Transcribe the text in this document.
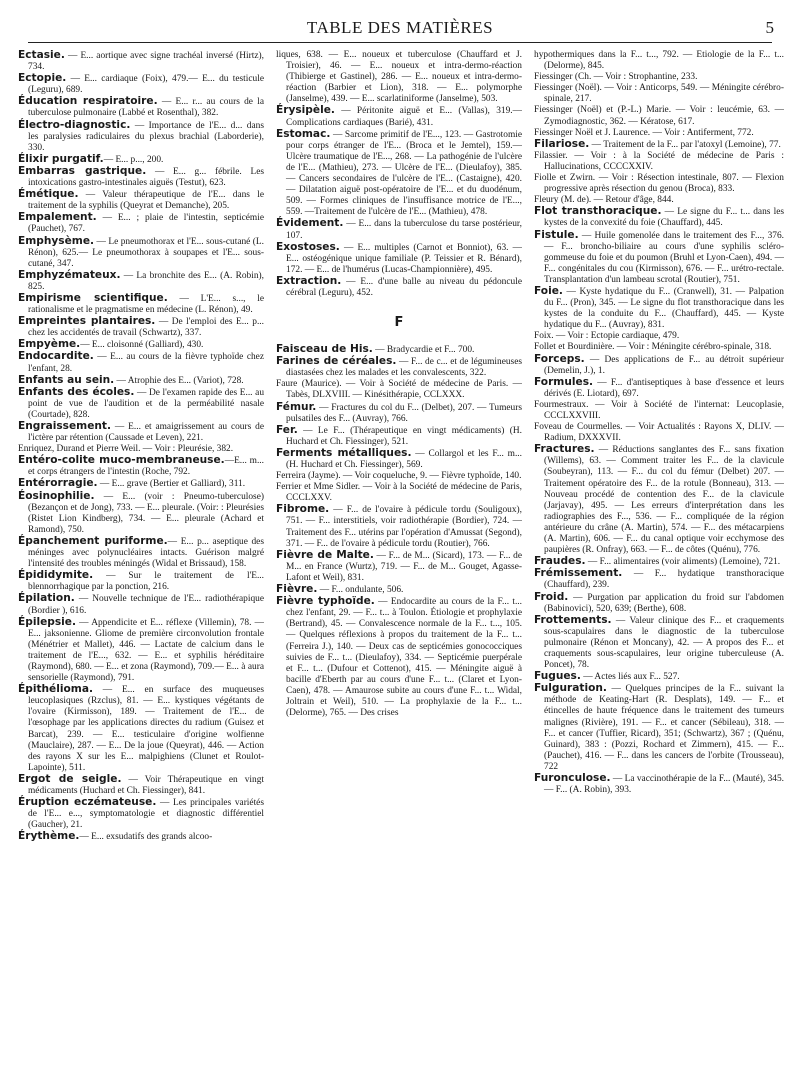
TABLE DES MATIÈRES	5

Ectasie. — E... aortique avec signe trachéal inversé (Hirtz), 734.

Ectopie. — E... cardiaque (Foix), 479.— E... du testicule (Leguru), 689.

Éducation respiratoire. — E... r... au cours de la tuberculose pulmonaire (Labbé et Rosenthal), 382.

Électro-diagnostic. — Importance de l'E... d... dans les paralysies radiculaires du plexus brachial (Laborderie), 330.

Élixir purgatif.— E... p..., 200.

Embarras gastrique. — E... g... fébrile. Les intoxications gastro-intestinales aiguës (Testut), 623.

Émétique. — Valeur thérapeutique de l'E... dans le traitement de la syphilis (Queyrat et Demanche), 205.

Empalement. — E... ; plaie de l'intestin, septicémie (Pauchet), 767.

Emphysème. — Le pneumothorax et l'E... sous-cutané (L. Rénon), 625.— Le pneumothorax à soupapes et l'E... sous-cutané, 347.

Emphyzémateux. — La bronchite des E... (A. Robin), 825.

Empirisme scientifique. — L'E... s..., le rationalisme et le pragmatisme en médecine (L. Rénon), 49.

Empreintes plantaires. — De l'emploi des E... p... chez les accidentés de travail (Schwartz), 337.

Empyème.— E... cloisonné (Galliard), 430.

Endocardite. — E... au cours de la fièvre typhoïde chez l'enfant, 28.

Enfants au sein. — Atrophie des E... (Variot), 728.

Enfants des écoles. — De l'examen rapide des E... au point de vue de l'audition et de la perméabilité nasale (Courtade), 828.

Engraissement. — E... et amaigrissement au cours de l'ictère par rétention (Caussade et Leven), 221.

Enriquez, Durand et Pierre Weil. — Voir : Pleurésie, 382.

Entéro-colite muco-membraneuse.—E... m... et corps étrangers de l'intestin (Roche, 792.

Entérorragie. — E... grave (Bertier et Galliard), 311.

Éosinophilie. — E... (voir : Pneumo-tuberculose) (Bezançon et de Jong), 733. — E... pleurale. (Voir: : Pleurésies (Ristet Lion Kindberg), 734. — E... pleurale (Achard et Ramond), 750.

Épanchement puriforme.— E... p... aseptique des méninges avec polynucléaires intacts. Guérison malgré l'intensité des troubles méningés (Widal et Brissaud), 158.

Épididymite. — Sur le traitement de l'E... blennorrhagique par la ponction, 216.

Épilation. — Nouvelle technique de l'E... radiothérapique (Bordier ), 616.

Épilepsie. — Appendicite et E... réflexe (Villemin), 78. — E... jaksonienne. Gliome de première circonvolution frontale (Ménétrier et Mallet), 446. — Lactate de calcium dans le traitement de l'E..., 632. — E... et syphilis héréditaire (Raymond), 680. — E... et zona (Raymond), 709.— E... à aura sensorielle (Raymond), 791.

Épithélioma. — E... en surface des muqueuses leucoplasiques (Rzclus), 81. — E... kystiques végétants de l'ovaire (Kirmisson), 189. — Traitement de l'E... de l'œsophage par les applications directes du radium (Guisez et Barcat), 239. — E... testiculaire d'origine wolfienne (Mauclaire), 287. — E... De la joue (Queyrat), 446. — Action des rayons X sur les E... malpighiens (Clunet et Roulot-Lapointe), 511.

Ergot de seigle. — Voir Thérapeutique en vingt médicaments (Huchard et Ch. Fiessinger), 841.

Éruption eczémateuse. — Les principales variétés de l'E... e..., symptomatologie et diagnostic différentiel (Gaucher), 21.

Érythème.— E... exsudatifs des grands alcoo-

liques, 638. — E... noueux et tuberculose (Chauffard et J. Troisier), 46. — E... noueux et intra-dermo-réaction (Thibierge et Gastinel), 286. — E... noueux et intra-dermo-réaction (Barbier et Lion), 318. — E... polymorphe (Janselme), 439. — E... scarlatiniforme (Janselme), 503.

Érysipèle. — Péritonite aiguë et E... (Vallas), 319.— Complications cardiaques (Barié), 431.

Estomac. — Sarcome primitif de l'E..., 123. — Gastrotomie pour corps étranger de l'E... (Broca et le Jemtel), 159.— Ulcère traumatique de l'E..., 268. — La pathogénie de l'ulcère de l'E... (Mathieu), 273. — Ulcère de l'E... (Dieulafoy), 385. — Cancers secondaires de l'ulcère de l'E... (Castaigne), 420. — Dilatation aiguë post-opératoire de l'E... et du duodénum, 509. — Formes cliniques de l'insuffisance motrice de l'E..., 559. —Traitement de l'ulcère de l'E... (Mathieu), 478.

Évidement. — E... dans la tuberculose du tarse postérieur, 107.

Exostoses. — E... multiples (Carnot et Bonniot), 63. — E... ostéogénique unique familiale (P. Teissier et R. Bénard), 172. — E... de l'humérus (Lucas-Championnière), 495.

Extraction. — E... d'une balle au niveau du pédoncule cérébral (Leguru), 452.

F

Faisceau de His. — Bradycardie et F... 700.

Farines de céréales. — F... de c... et de légumineuses diastasées chez les malades et les convalescents, 322.

Faure (Maurice). — Voir à Société de médecine de Paris. — Tabès, DLXVIII. — Kinésithérapie, CCLXXX.

Fémur. — Fractures du col du F... (Delbet), 207. — Tumeurs pulsatiles des F... (Auvray), 766.

Fer. — Le F... (Thérapeutique en vingt médicaments) (H. Huchard et Ch. Fiessinger), 521.

Ferments métalliques. — Collargol et les F... m... (H. Huchard et Ch. Fiessinger), 569.

Ferreira (Jayme). — Voir coqueluche, 9. — Fièvre typhoïde, 140.

Ferrier et Mme Sidler. — Voir à la Société de médecine de Paris, CCCLXXV.

Fibrome. — F... de l'ovaire à pédicule tordu (Souligoux), 751. — F... interstitiels, voir radiothérapie (Bordier), 724. — Traitement des F... utérins par l'opération d'Amussat (Segond), 371. — F... de l'ovaire à pédicule tordu (Routier), 766.

Fièvre de Malte. — F... de M... (Sicard), 173. — F... de M... en France (Wurtz), 719. — F... de M... Gouget, Agasse-Lafont et Weil), 831.

Fièvre. — F... ondulante, 506.

Fièvre typhoïde. — Endocardite au cours de la F... t... chez l'enfant, 29. — F... t... à Toulon. Étiologie et prophylaxie (Bertrand), 45. — Convalescence normale de la F... t..., 105. — Quelques réflexions à propos du traitement de la F... t... (Ferreira J.), 140. — Deux cas de septicémies gonococciques suivies de F... t... (Dieulafoy), 334. — Septicémie puerpérale et F... t... (Dufour et Cottenot), 415. — Méningite aiguë à bacille d'Eberth par au cours d'une F... t... (Claret et Lyon-Caen), 478. — Amaurose subite au cours d'une F... t... Widal, Joltrain et Weil), 510. — La prophylaxie de la F... t... (Delorme), 765. — Des crises

hypothermiques dans la F... t..., 792. — Étiologie de la F... t... (Delorme), 845.

Fiessinger (Ch. — Voir : Strophantine, 233.

Fiessinger (Noël). — Voir : Anticorps, 549. — Méningite cérébro-spinale, 217.

Fiessinger (Noël) et (P.-L.) Marie. — Voir : leucémie, 63. — Zymodiagnostic, 362. — Kératose, 617.

Fiessinger Noël et J. Laurence. — Voir : Antiferment, 772.

Filariose. — Traitement de la F... par l'atoxyl (Lemoine), 77.

Filassier. — Voir : à la Société de médecine de Paris : Hallucinations, CCCCXXIV.

Fiolle et Zwirn. — Voir : Résection intestinale, 807. — Flexion progressive après résection du genou (Broca), 833.

Fleury (M. de). — Retour d'âge, 844.

Flot transthoracique. — Le signe du F... t... dans les kystes de la convexité du foie (Chauffard), 445.

Fistule. — Huile gomenolée dans le traitement des F..., 376. — F... broncho-biliaire au cours d'une syphilis scléro-gommeuse du foie et du poumon (Bruhl et Lyon-Caen), 494. — F... congénitales du cou (Kirmisson), 676. — F... urétro-rectale. Transplantation d'un lambeau scrotal (Routier), 751.

Foie. — Kyste hydatique du F... (Cranwell), 31. — Palpation du F... (Pron), 345. — Le signe du flot transthoracique dans les kystes de la conduite du F... (Chauffard), 445. — Kyste hydatique du F... (Auvray), 831.

Foix. — Voir : Ectopie cardiaque, 479.

Follet et Bourdinière. — Voir : Méningite cérébro-spinale, 318.

Forceps. — Des applications de F... au détroit supérieur (Demelin, J.), 1.

Formules. — F... d'antiseptiques à base d'essence et leurs dérivés (E. Liotard), 697.

Fourmestraux. — Voir à Société de l'internat: Leucoplasie, CCCLXXVIII.

Foveau de Courmelles. — Voir Actualités : Rayons X, DLIV. — Radium, DXXXVII.

Fractures. — Réductions sanglantes des F... sans fixation (Willems), 63. — Comment traiter les F... de la clavicule (Soubeyran), 113. — F... du col du fémur (Delbet) 207. — Traitement opératoire des F... de la rotule (Bonneau), 313. — Nouveau procédé de contention des F... de la clavicule (Jarjavay), 495. — Les erreurs d'interprétation dans les radiographies des F..., 536. — F... compliquée de la région antérieure du crâne (A. Martin), 574. — F... des métacarpiens (A. Martin), 606. — F... du canal optique voir ecchymose des paupières (R. Onfray), 663. — F... de côtes (Quénu), 776.

Fraudes. — F... alimentaires (voir aliments) (Lemoine), 721.

Frémissement. — F... hydatique transthoracique (Chauffard), 239.

Froid. — Purgation par application du froid sur l'abdomen (Babinovici), 520, 639; (Berthe), 608.

Frottements. — Valeur clinique des F... et craquements sous-scapulaires dans le diagnostic de la tuberculose pulmonaire (Rénon et Moncany), 42. — A propos des F... et craquements sous-scapulaires, leur origine tuberculeuse (A. Poncet), 78.

Fugues. — Actes liés aux F... 527.

Fulguration. — Quelques principes de la F... suivant la méthode de Keating-Hart (R. Desplats), 149. — F... et étincelles de haute fréquence dans le traitement des tumeurs malignes (Rivière), 191. — F... et cancer (Sébileau), 318. — F... et cancer (Tuffier, Ricard), 351; (Schwartz), 367 ; (Quénu, Guinard), 383 : (Pozzi, Rochard et Zimmern), 415. — F... (Pauchet), 416. — F... dans les cancers de l'orbite (Trousseau), 722

Furonculose. — La vaccinothérapie de la F... (Mauté), 345. — F... (A. Robin), 393.
